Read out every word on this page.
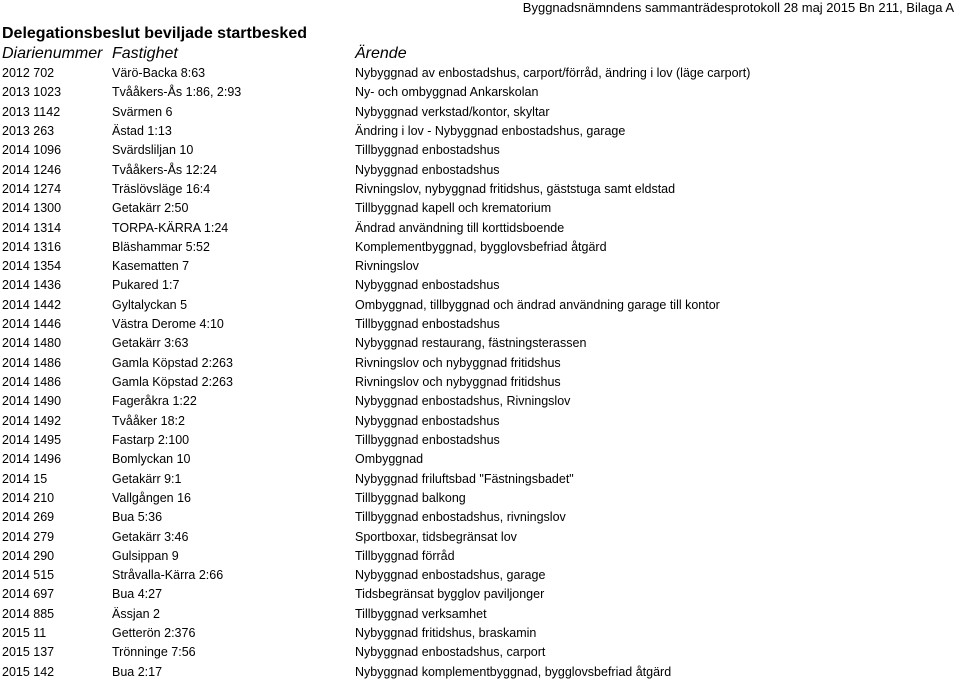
Byggnadsnämndens sammanträdesprotokoll 28 maj 2015 Bn 211, Bilaga A
Delegationsbeslut beviljade startbesked
Diarienummer Fastighet	Ärende
2012 702	Värö-Backa 8:63	Nybyggnad av enbostadshus, carport/förråd, ändring i lov (läge carport)
2013 1023	Tvååkers-Ås 1:86, 2:93	Ny- och ombyggnad Ankarskolan
2013 1142	Svärmen 6	Nybyggnad verkstad/kontor, skyltar
2013 263	Ästad 1:13	Ändring i lov - Nybyggnad enbostadshus, garage
2014 1096	Svärdsliljan 10	Tillbyggnad enbostadshus
2014 1246	Tvååkers-Ås 12:24	Nybyggnad enbostadshus
2014 1274	Träslövsläge 16:4	Rivningslov, nybyggnad fritidshus, gäststuga samt eldstad
2014 1300	Getakärr 2:50	Tillbyggnad kapell och krematorium
2014 1314	TORPA-KÄRRA 1:24	Ändrad användning till korttidsboende
2014 1316	Bläshammar 5:52	Komplementbyggnad, bygglovsbefriad åtgärd
2014 1354	Kasematten 7	Rivningslov
2014 1436	Pukared 1:7	Nybyggnad enbostadshus
2014 1442	Gyltalyckan 5	Ombyggnad, tillbyggnad och ändrad användning garage till kontor
2014 1446	Västra Derome 4:10	Tillbyggnad enbostadshus
2014 1480	Getakärr 3:63	Nybyggnad restaurang, fästningsterassen
2014 1486	Gamla Köpstad 2:263	Rivningslov och nybyggnad fritidshus
2014 1486	Gamla Köpstad 2:263	Rivningslov och nybyggnad fritidshus
2014 1490	Fageråkra 1:22	Nybyggnad enbostadshus, Rivningslov
2014 1492	Tvååker 18:2	Nybyggnad enbostadshus
2014 1495	Fastarp 2:100	Tillbyggnad enbostadshus
2014 1496	Bomlyckan 10	Ombyggnad
2014 15	Getakärr 9:1	Nybyggnad friluftsbad "Fästningsbadet"
2014 210	Vallgången 16	Tillbyggnad balkong
2014 269	Bua 5:36	Tillbyggnad enbostadshus, rivningslov
2014 279	Getakärr 3:46	Sportboxar, tidsbegränsat lov
2014 290	Gulsippan 9	Tillbyggnad förråd
2014 515	Stråvalla-Kärra 2:66	Nybyggnad enbostadshus, garage
2014 697	Bua 4:27	Tidsbegränsat bygglov paviljonger
2014 885	Ässjan 2	Tillbyggnad verksamhet
2015 11	Getterön 2:376	Nybyggnad fritidshus, braskamin
2015 137	Trönninge 7:56	Nybyggnad enbostadshus, carport
2015 142	Bua 2:17	Nybyggnad komplementbyggnad, bygglovsbefriad åtgärd
